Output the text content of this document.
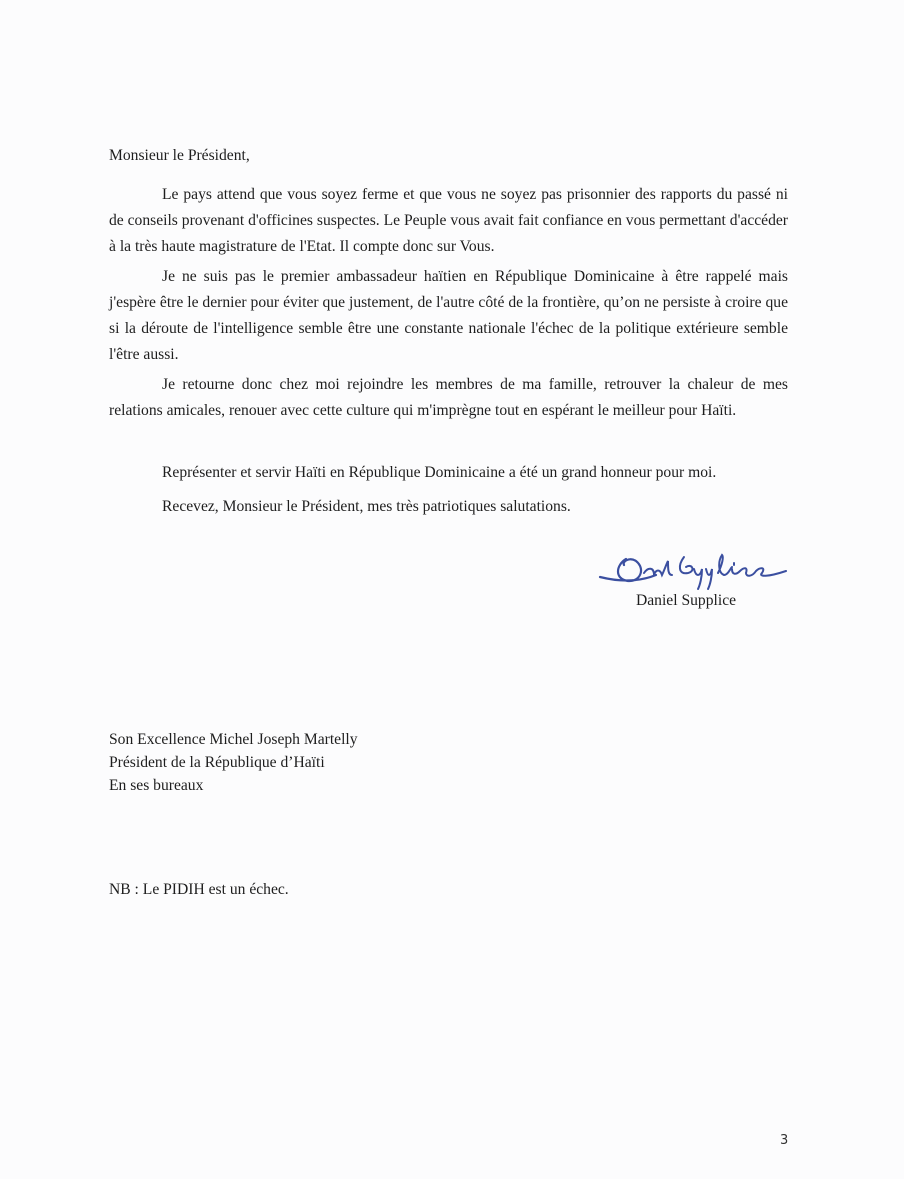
Monsieur le Président,
Le pays attend que vous soyez ferme et que vous ne soyez pas prisonnier des rapports du passé ni de conseils provenant d'officines suspectes. Le Peuple vous avait fait confiance en vous permettant d'accéder à la très haute magistrature de l'Etat. Il compte donc sur Vous.
Je ne suis pas le premier ambassadeur haïtien en République Dominicaine à être rappelé mais j'espère être le dernier pour éviter que justement, de l'autre côté de la frontière, qu’on ne persiste à croire que si la déroute de l'intelligence semble être une constante nationale l'échec de la politique extérieure semble l'être aussi.
Je retourne donc chez moi rejoindre les membres de ma famille, retrouver la chaleur de mes relations amicales, renouer avec cette culture qui m'imprègne tout en espérant le meilleur pour Haïti.
Représenter et servir Haïti en République Dominicaine a été un grand honneur pour moi.
Recevez, Monsieur le Président, mes très patriotiques salutations.
Daniel Supplice
Son Excellence Michel Joseph Martelly
Président de la République d’Haïti
En ses bureaux
NB : Le PIDIH est un échec.
3
